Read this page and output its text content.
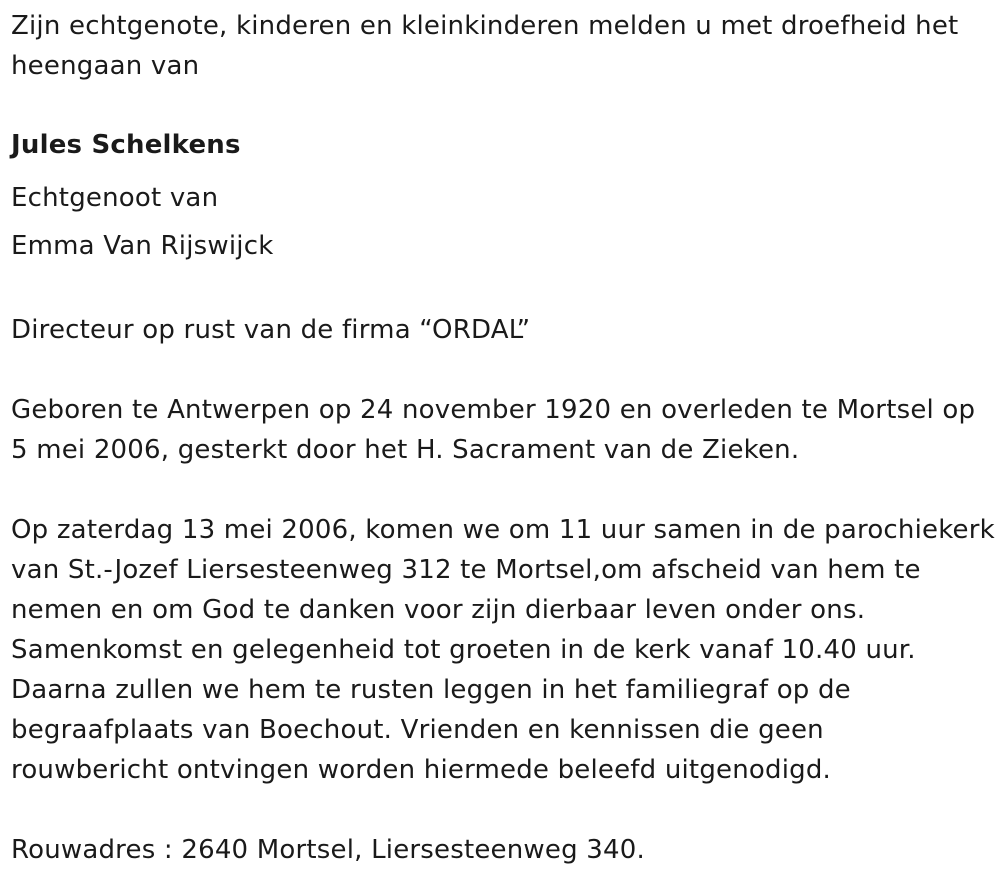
Zijn echtgenote, kinderen en kleinkinderen melden u met droefheid het

heengaan van

Jules Schelkens

Echtgenoot van

Emma Van Rijswijck

Directeur op rust van de firma “ORDAL”

Geboren te Antwerpen op 24 november 1920 en overleden te Mortsel op

5 mei 2006, gesterkt door het H. Sacrament van de Zieken.

Op zaterdag 13 mei 2006, komen we om 11 uur samen in de parochiekerk

van St.-Jozef Liersesteenweg 312 te Mortsel,om afscheid van hem te

nemen en om God te danken voor zijn dierbaar leven onder ons.

Samenkomst en gelegenheid tot groeten in de kerk vanaf 10.40 uur.

Daarna zullen we hem te rusten leggen in het familiegraf op de

begraafplaats van Boechout. Vrienden en kennissen die geen

rouwbericht ontvingen worden hiermede beleefd uitgenodigd.

Rouwadres : 2640 Mortsel, Liersesteenweg 340.
